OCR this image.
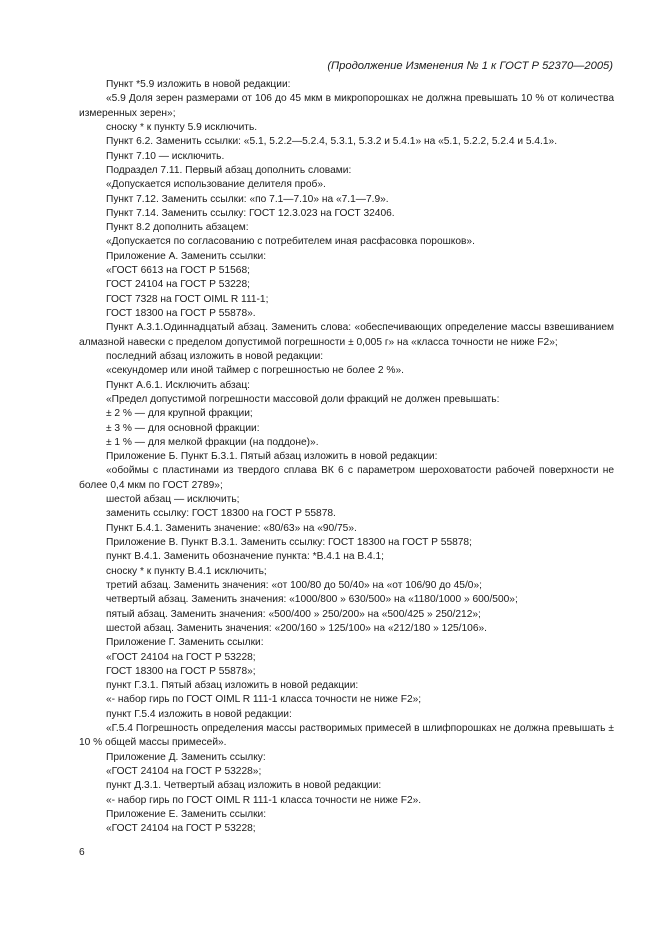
(Продолжение Изменения № 1 к ГОСТ Р 52370—2005)

Пункт *5.9 изложить в новой редакции:

«5.9 Доля зерен размерами от 106 до 45 мкм в микропорошках не должна превышать 10 % от количества измеренных зерен»;

сноску * к пункту 5.9 исключить.

Пункт 6.2. Заменить ссылки: «5.1, 5.2.2—5.2.4, 5.3.1, 5.3.2 и 5.4.1» на «5.1, 5.2.2, 5.2.4 и 5.4.1».

Пункт 7.10 — исключить.

Подраздел 7.11. Первый абзац дополнить словами:

«Допускается использование делителя проб».

Пункт 7.12. Заменить ссылки: «по 7.1—7.10» на «7.1—7.9».

Пункт 7.14. Заменить ссылку: ГОСТ 12.3.023 на ГОСТ 32406.

Пункт 8.2 дополнить абзацем:

«Допускается по согласованию с потребителем иная расфасовка порошков».

Приложение А. Заменить ссылки:

«ГОСТ 6613 на ГОСТ Р 51568;

ГОСТ 24104 на ГОСТ Р 53228;

ГОСТ 7328 на ГОСТ OIML R 111-1;

ГОСТ 18300 на ГОСТ Р 55878».

Пункт А.3.1.Одиннадцатый абзац. Заменить слова: «обеспечивающих определение массы взвешиванием алмазной навески с пределом допустимой погрешности ± 0,005 г» на «класса точности не ниже F2»;

последний абзац изложить в новой редакции:

«секундомер или иной таймер с погрешностью не более 2 %».

Пункт А.6.1. Исключить абзац:

«Предел допустимой погрешности массовой доли фракций не должен превышать:

± 2 % — для крупной фракции;

± 3 % — для основной фракции:

± 1 % — для мелкой фракции (на поддоне)».

Приложение Б. Пункт Б.3.1. Пятый абзац изложить в новой редакции:

«обоймы с пластинами из твердого сплава ВК 6 с параметром шероховатости рабочей поверхности не более 0,4 мкм по ГОСТ 2789»;

шестой абзац — исключить;

заменить ссылку: ГОСТ 18300 на ГОСТ Р 55878.

Пункт Б.4.1. Заменить значение: «80/63» на «90/75».

Приложение В. Пункт В.3.1. Заменить ссылку: ГОСТ 18300 на ГОСТ Р 55878;

пункт В.4.1. Заменить обозначение пункта: *В.4.1 на В.4.1;

сноску * к пункту В.4.1 исключить;

третий абзац. Заменить значения: «от 100/80 до 50/40» на «от 106/90 до 45/0»;

четвертый абзац. Заменить значения: «1000/800 » 630/500» на «1180/1000 » 600/500»;

пятый абзац. Заменить значения: «500/400 » 250/200» на «500/425 » 250/212»;

шестой абзац. Заменить значения: «200/160 » 125/100» на «212/180 » 125/106».

Приложение Г. Заменить ссылки:

«ГОСТ 24104 на ГОСТ Р 53228;

ГОСТ 18300 на ГОСТ Р 55878»;

пункт Г.3.1. Пятый абзац изложить в новой редакции:

«- набор гирь по ГОСТ OIML R 111-1 класса точности не ниже F2»;

пункт Г.5.4 изложить в новой редакции:

«Г.5.4 Погрешность определения массы растворимых примесей в шлифпорошках не должна превышать ± 10 % общей массы примесей».

Приложение Д. Заменить ссылку:

«ГОСТ 24104 на ГОСТ Р 53228»;

пункт Д.3.1. Четвертый абзац изложить в новой редакции:

«- набор гирь по ГОСТ OIML R 111-1 класса точности не ниже F2».

Приложение Е. Заменить ссылки:

«ГОСТ 24104 на ГОСТ Р 53228;

6
